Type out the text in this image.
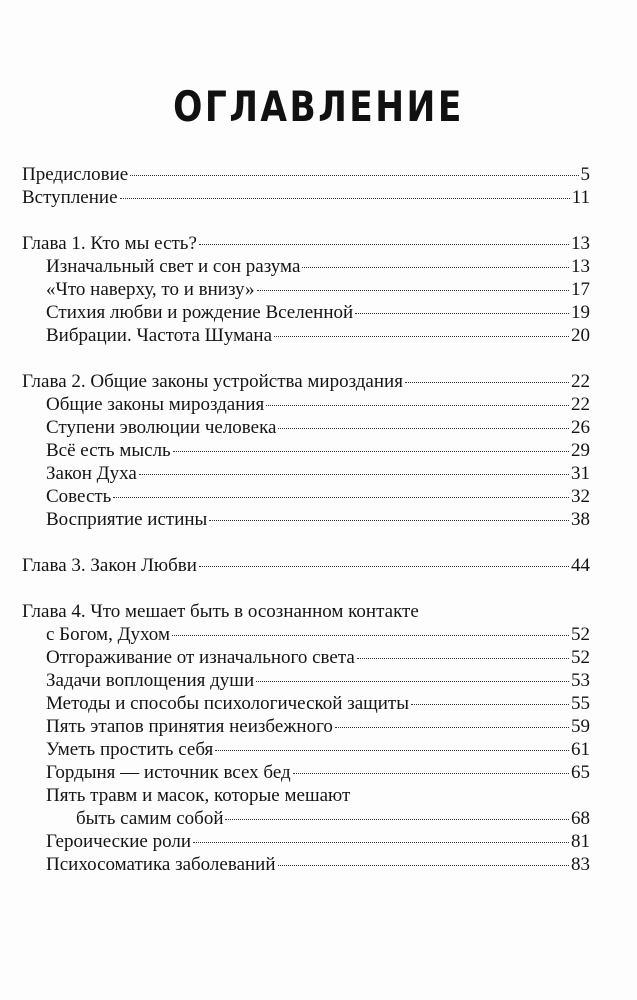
ОГЛАВЛЕНИЕ
Предисловие	5
Вступление	11
Глава 1. Кто мы есть?	13
Изначальный свет и сон разума	13
«Что наверху, то и внизу»	17
Стихия любви и рождение Вселенной	19
Вибрации. Частота Шумана	20
Глава 2. Общие законы устройства мироздания	22
Общие законы мироздания	22
Ступени эволюции человека	26
Всё есть мысль	29
Закон Духа	31
Совесть	32
Восприятие истины	38
Глава 3. Закон Любви	44
Глава 4. Что мешает быть в осознанном контакте
с Богом, Духом	52
Отгораживание от изначального света	52
Задачи воплощения души	53
Методы и способы психологической защиты	55
Пять этапов принятия неизбежного	59
Уметь простить себя	61
Гордыня — источник всех бед	65
Пять травм и масок, которые мешают
быть самим собой	68
Героические роли	81
Психосоматика заболеваний	83
